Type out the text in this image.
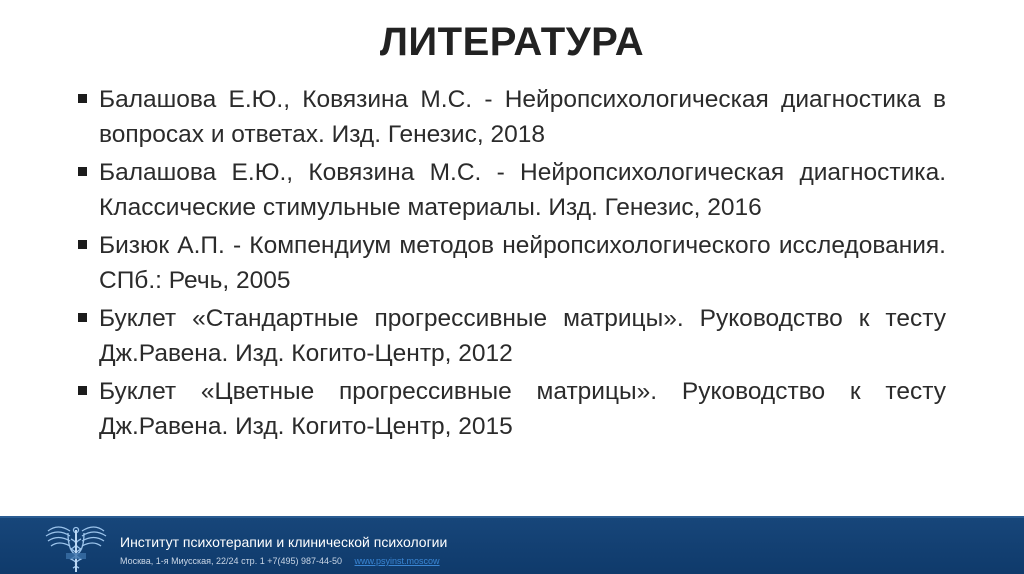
ЛИТЕРАТУРА
Балашова Е.Ю., Ковязина М.С. - Нейропсихологическая диагностика в вопросах и ответах. Изд. Генезис, 2018
Балашова Е.Ю., Ковязина М.С. - Нейропсихологическая диагностика. Классические стимульные материалы. Изд. Генезис, 2016
Бизюк А.П. - Компендиум методов нейропсихологического исследования. СПб.: Речь, 2005
Буклет «Стандартные прогрессивные матрицы». Руководство к тесту Дж.Равена. Изд. Когито-Центр, 2012
Буклет «Цветные прогрессивные матрицы». Руководство к тесту Дж.Равена. Изд. Когито-Центр, 2015
Институт психотерапии и клинической психологии
Москва, 1-я Миусская, 22/24 стр. 1 +7(495) 987-44-50 www.psyinst.moscow
